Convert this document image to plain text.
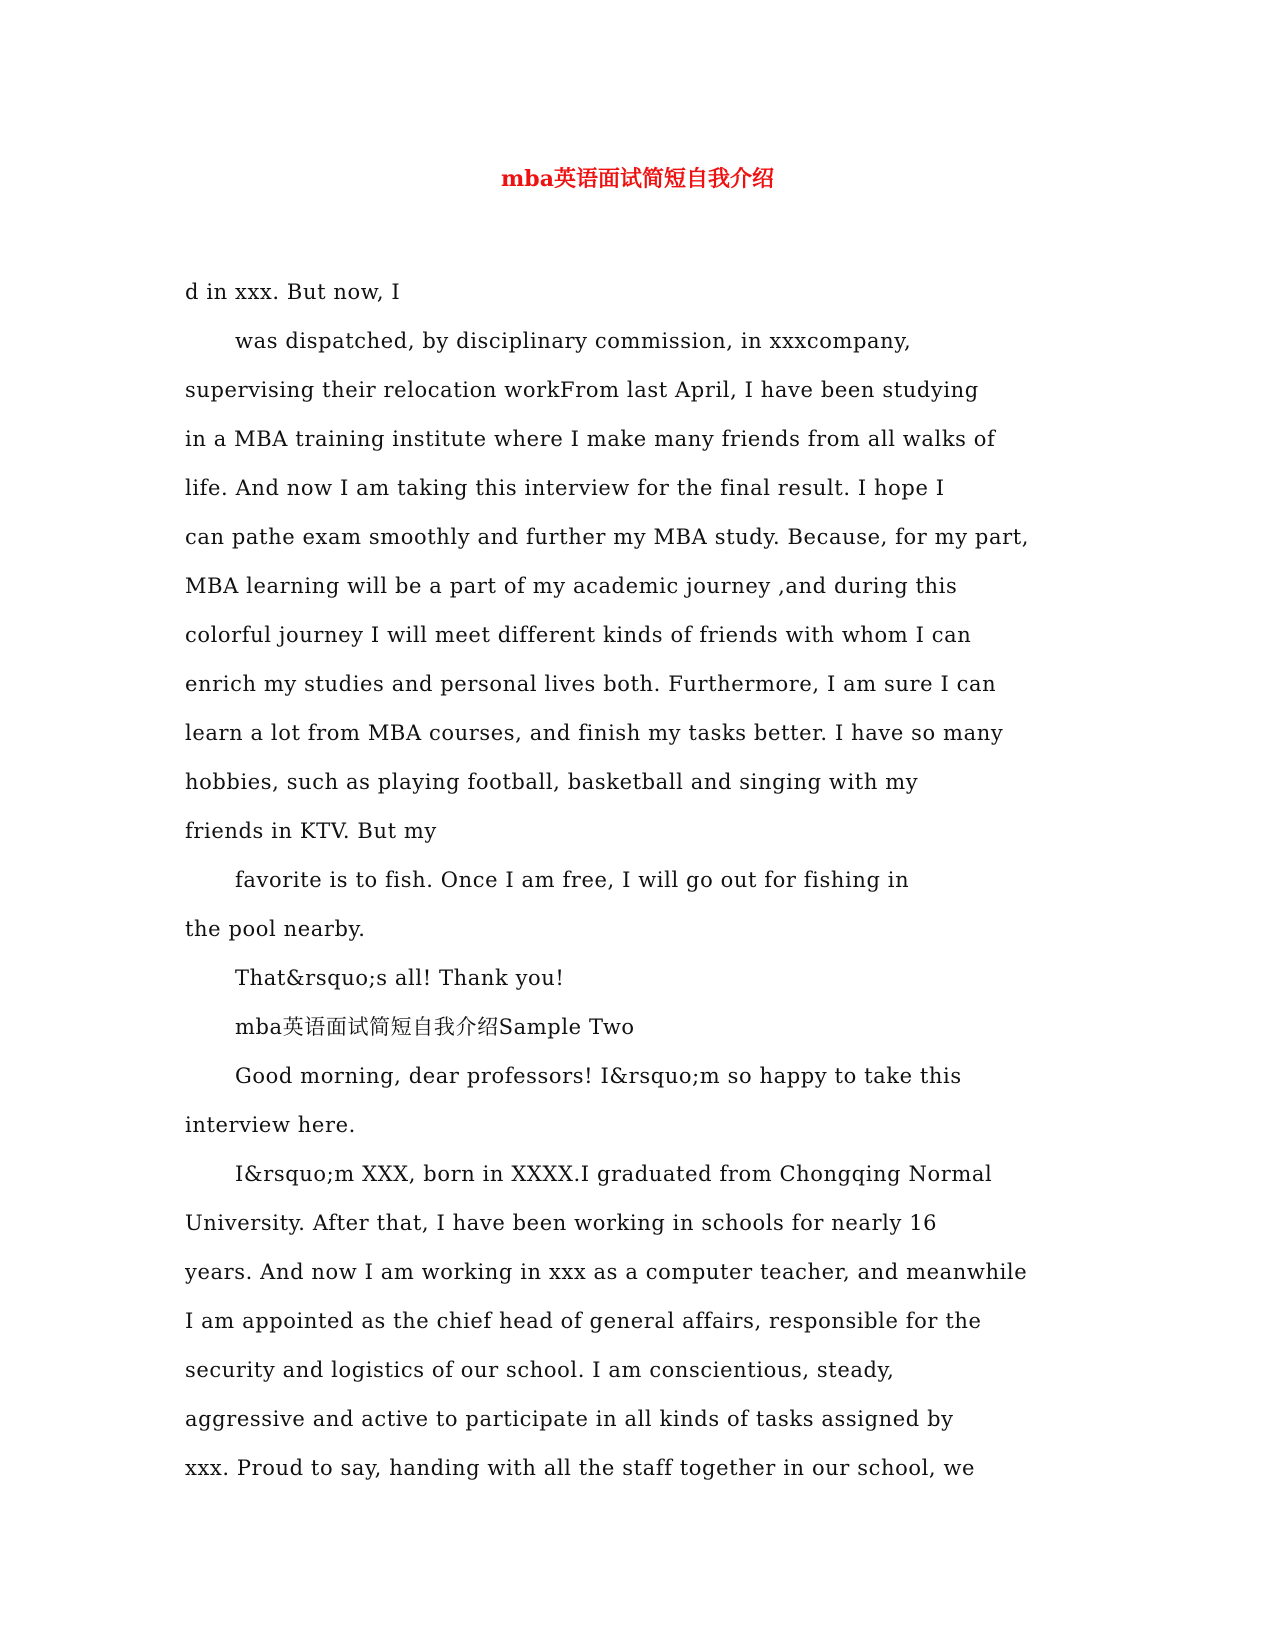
mba英语面试简短自我介绍

d in xxx. But now, I

was dispatched, by disciplinary commission, in xxxcompany,

supervising their relocation workFrom last April, I have been studying

in a MBA training institute where I make many friends from all walks of

life. And now I am taking this interview for the final result. I hope I

can pathe exam smoothly and further my MBA study. Because, for my part,

MBA learning will be a part of my academic journey ,and during this

colorful journey I will meet different kinds of friends with whom I can

enrich my studies and personal lives both. Furthermore, I am sure I can

learn a lot from MBA courses, and finish my tasks better. I have so many

hobbies, such as playing football, basketball and singing with my

friends in KTV. But my

favorite is to fish. Once I am free, I will go out for fishing in

the pool nearby.

That&rsquo;s all! Thank you!

mba英语面试简短自我介绍Sample Two

Good morning, dear professors! I&rsquo;m so happy to take this

interview here.

I&rsquo;m XXX, born in XXXX.I graduated from Chongqing Normal

University. After that, I have been working in schools for nearly 16

years. And now I am working in xxx as a computer teacher, and meanwhile

I am appointed as the chief head of general affairs, responsible for the

security and logistics of our school. I am conscientious, steady,

aggressive and active to participate in all kinds of tasks assigned by

xxx. Proud to say, handing with all the staff together in our school, we
